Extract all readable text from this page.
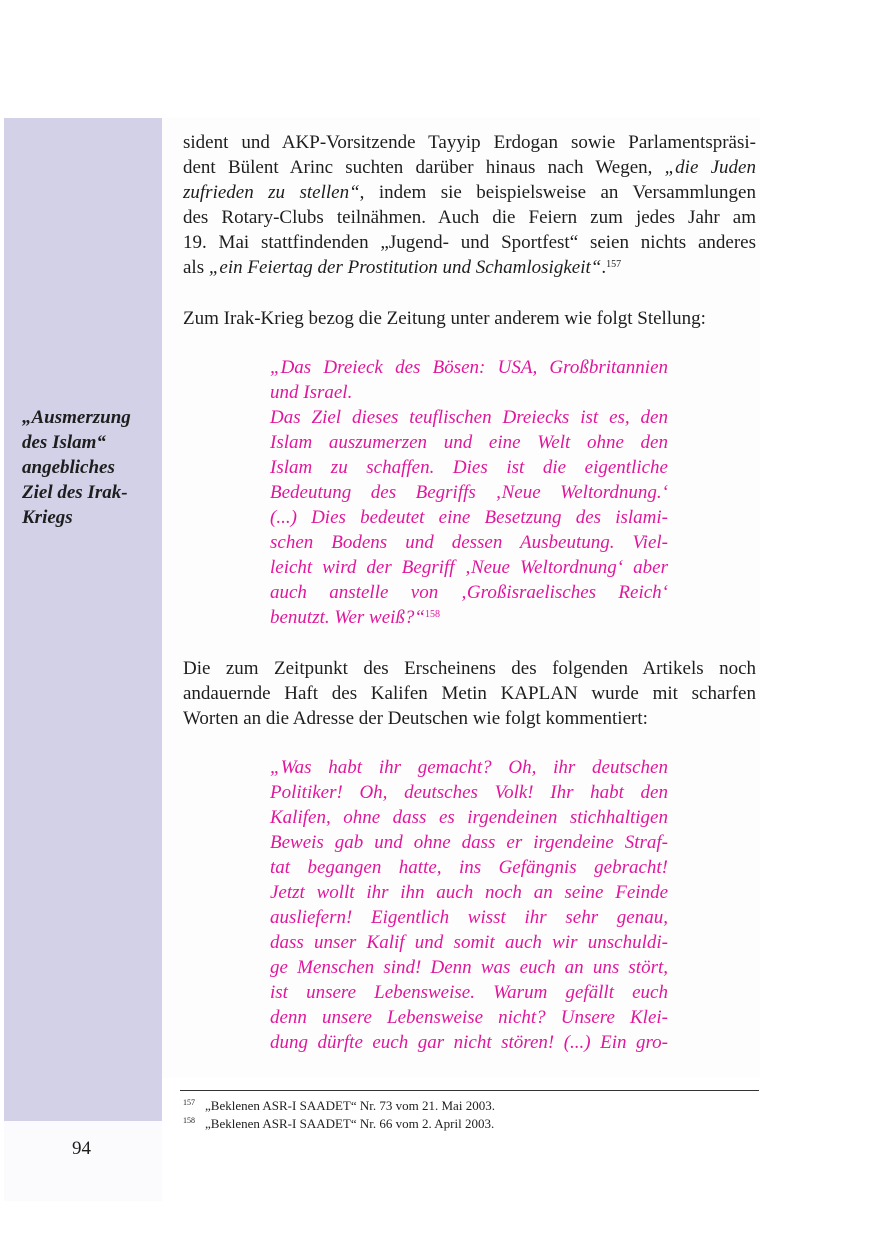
„Ausmerzung
des Islam“
angebliches
Ziel des Irak-
Kriegs
94
sident und AKP-Vorsitzende Tayyip Erdogan sowie Parlamentspräsi-
dent Bülent Arinc suchten darüber hinaus nach Wegen, „die Juden
zufrieden zu stellen“, indem sie beispielsweise an Versammlungen
des Rotary-Clubs teilnähmen. Auch die Feiern zum jedes Jahr am
19. Mai stattfindenden „Jugend- und Sportfest“ seien nichts anderes
als „ein Feiertag der Prostitution und Schamlosigkeit“.$^{157}$
Zum Irak-Krieg bezog die Zeitung unter anderem wie folgt Stellung:
„Das Dreieck des Bösen: USA, Großbritannien
und Israel.
Das Ziel dieses teuflischen Dreiecks ist es, den
Islam auszumerzen und eine Welt ohne den
Islam zu schaffen. Dies ist die eigentliche
Bedeutung des Begriffs ‚Neue Weltordnung.‘
(...) Dies bedeutet eine Besetzung des islami-
schen Bodens und dessen Ausbeutung. Viel-
leicht wird der Begriff ‚Neue Weltordnung‘ aber
auch anstelle von ‚Großisraelisches Reich‘
benutzt. Wer weiß?“$^{158}$
Die zum Zeitpunkt des Erscheinens des folgenden Artikels noch
andauernde Haft des Kalifen Metin KAPLAN wurde mit scharfen
Worten an die Adresse der Deutschen wie folgt kommentiert:
„Was habt ihr gemacht? Oh, ihr deutschen
Politiker! Oh, deutsches Volk! Ihr habt den
Kalifen, ohne dass es irgendeinen stichhaltigen
Beweis gab und ohne dass er irgendeine Straf-
tat begangen hatte, ins Gefängnis gebracht!
Jetzt wollt ihr ihn auch noch an seine Feinde
ausliefern! Eigentlich wisst ihr sehr genau,
dass unser Kalif und somit auch wir unschuldi-
ge Menschen sind! Denn was euch an uns stört,
ist unsere Lebensweise. Warum gefällt euch
denn unsere Lebensweise nicht? Unsere Klei-
dung dürfte euch gar nicht stören! (...) Ein gro-
157 „Beklenen ASR-I SAADET“ Nr. 73 vom 21. Mai 2003.
158 „Beklenen ASR-I SAADET“ Nr. 66 vom 2. April 2003.
